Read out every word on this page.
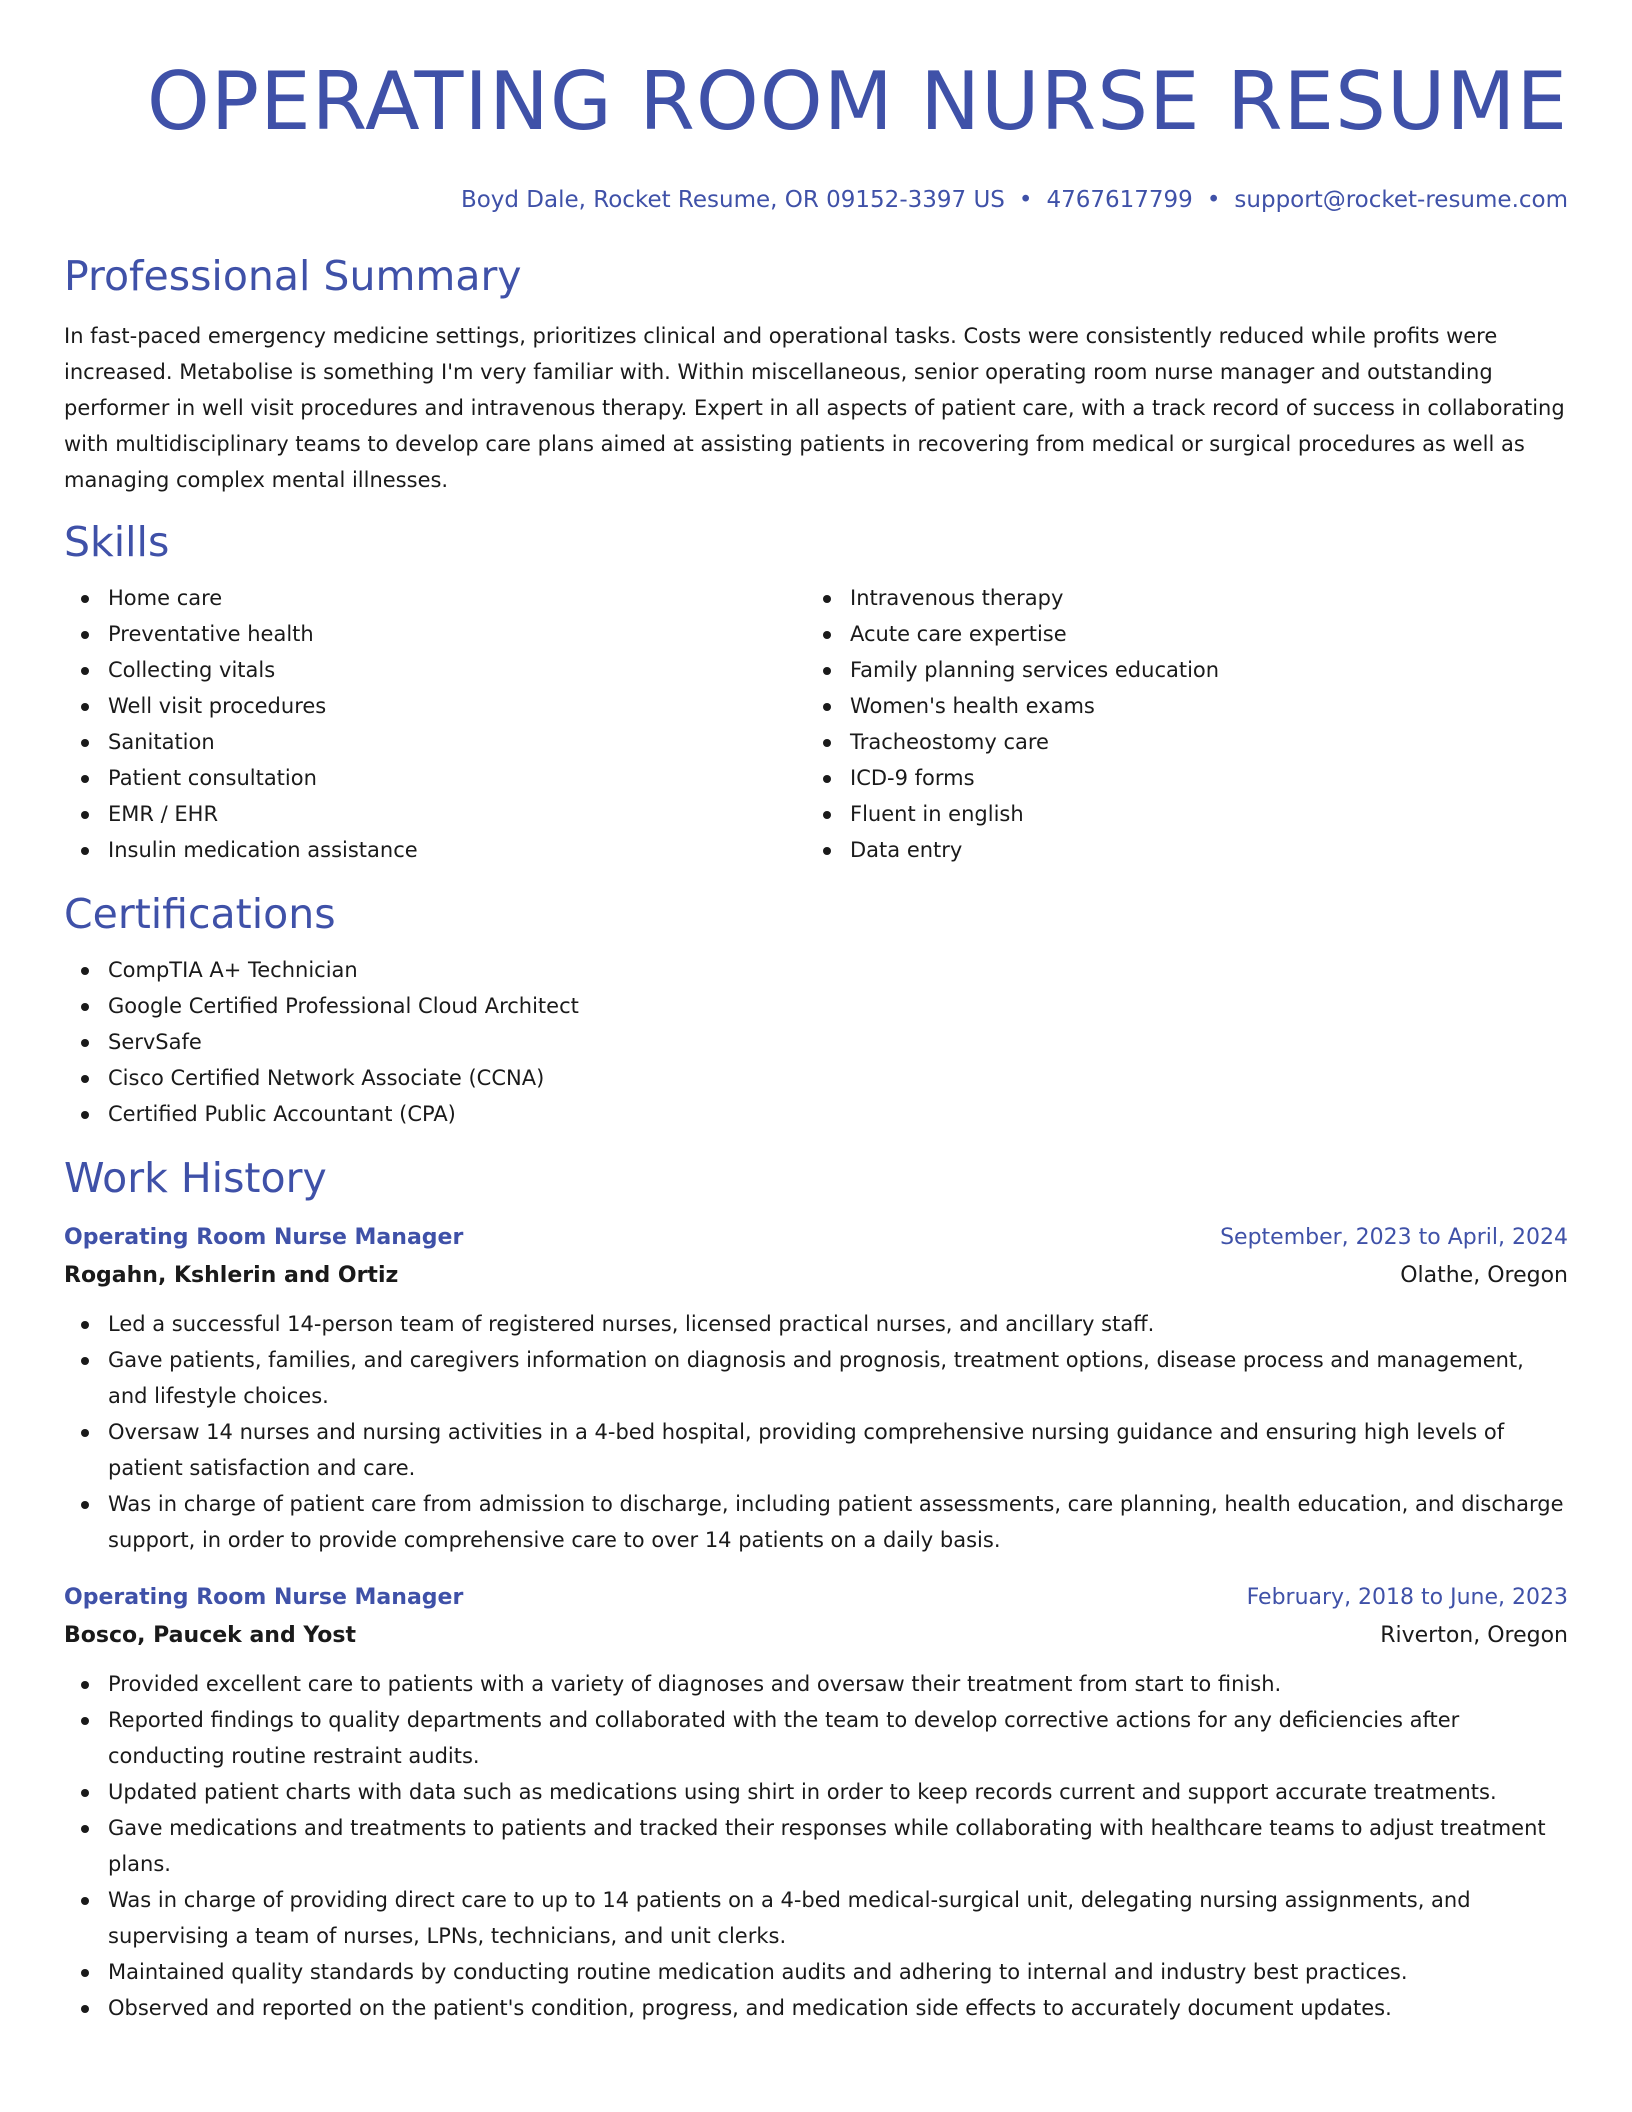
OPERATING ROOM NURSE RESUME
Boyd Dale, Rocket Resume, OR 09152-3397 US • 4767617799 • support@rocket-resume.com
Professional Summary
In fast-paced emergency medicine settings, prioritizes clinical and operational tasks. Costs were consistently reduced while profits were increased. Metabolise is something I'm very familiar with. Within miscellaneous, senior operating room nurse manager and outstanding performer in well visit procedures and intravenous therapy. Expert in all aspects of patient care, with a track record of success in collaborating with multidisciplinary teams to develop care plans aimed at assisting patients in recovering from medical or surgical procedures as well as managing complex mental illnesses.
Skills
Home care
Preventative health
Collecting vitals
Well visit procedures
Sanitation
Patient consultation
EMR / EHR
Insulin medication assistance
Intravenous therapy
Acute care expertise
Family planning services education
Women's health exams
Tracheostomy care
ICD-9 forms
Fluent in english
Data entry
Certifications
CompTIA A+ Technician
Google Certified Professional Cloud Architect
ServSafe
Cisco Certified Network Associate (CCNA)
Certified Public Accountant (CPA)
Work History
Operating Room Nurse Manager	September, 2023 to April, 2024
Rogahn, Kshlerin and Ortiz	Olathe, Oregon
Led a successful 14-person team of registered nurses, licensed practical nurses, and ancillary staff.
Gave patients, families, and caregivers information on diagnosis and prognosis, treatment options, disease process and management, and lifestyle choices.
Oversaw 14 nurses and nursing activities in a 4-bed hospital, providing comprehensive nursing guidance and ensuring high levels of patient satisfaction and care.
Was in charge of patient care from admission to discharge, including patient assessments, care planning, health education, and discharge support, in order to provide comprehensive care to over 14 patients on a daily basis.
Operating Room Nurse Manager	February, 2018 to June, 2023
Bosco, Paucek and Yost	Riverton, Oregon
Provided excellent care to patients with a variety of diagnoses and oversaw their treatment from start to finish.
Reported findings to quality departments and collaborated with the team to develop corrective actions for any deficiencies after conducting routine restraint audits.
Updated patient charts with data such as medications using shirt in order to keep records current and support accurate treatments.
Gave medications and treatments to patients and tracked their responses while collaborating with healthcare teams to adjust treatment plans.
Was in charge of providing direct care to up to 14 patients on a 4-bed medical-surgical unit, delegating nursing assignments, and supervising a team of nurses, LPNs, technicians, and unit clerks.
Maintained quality standards by conducting routine medication audits and adhering to internal and industry best practices.
Observed and reported on the patient's condition, progress, and medication side effects to accurately document updates.
